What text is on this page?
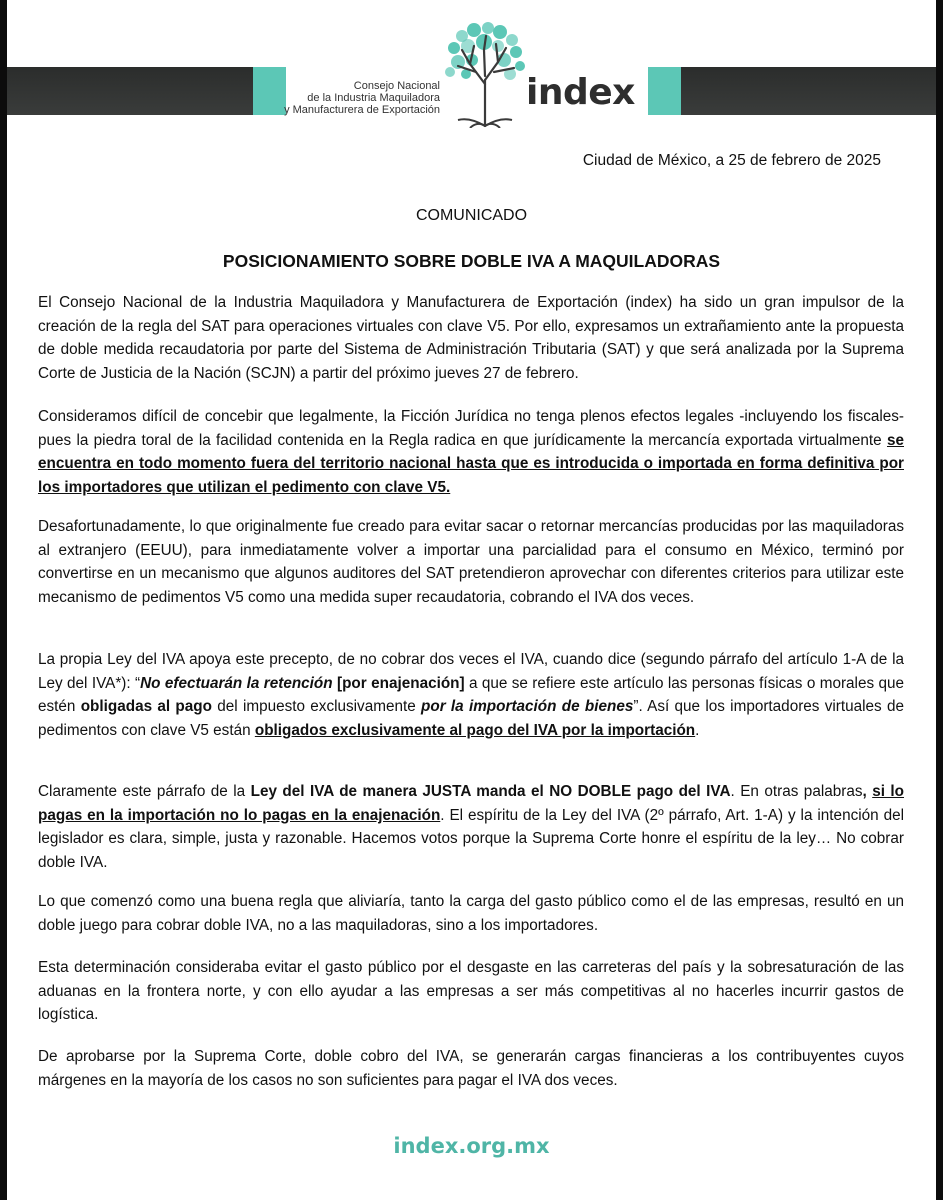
Consejo Nacional
de la Industria Maquiladora
y Manufacturera de Exportación index
Ciudad de México, a 25 de febrero de 2025
COMUNICADO
POSICIONAMIENTO SOBRE DOBLE IVA A MAQUILADORAS

El Consejo Nacional de la Industria Maquiladora y Manufacturera de Exportación (index) ha sido un gran impulsor de la creación de la regla del SAT para operaciones virtuales con clave V5. Por ello, expresamos un extrañamiento ante la propuesta de doble medida recaudatoria por parte del Sistema de Administración Tributaria (SAT) y que será analizada por la Suprema Corte de Justicia de la Nación (SCJN) a partir del próximo jueves 27 de febrero.

Consideramos difícil de concebir que legalmente, la Ficción Jurídica no tenga plenos efectos legales -incluyendo los fiscales- pues la piedra toral de la facilidad contenida en la Regla radica en que jurídicamente la mercancía exportada virtualmente se encuentra en todo momento fuera del territorio nacional hasta que es introducida o importada en forma definitiva por los importadores que utilizan el pedimento con clave V5.

Desafortunadamente, lo que originalmente fue creado para evitar sacar o retornar mercancías producidas por las maquiladoras al extranjero (EEUU), para inmediatamente volver a importar una parcialidad para el consumo en México, terminó por convertirse en un mecanismo que algunos auditores del SAT pretendieron aprovechar con diferentes criterios para utilizar este mecanismo de pedimentos V5 como una medida super recaudatoria, cobrando el IVA dos veces.

La propia Ley del IVA apoya este precepto, de no cobrar dos veces el IVA, cuando dice (segundo párrafo del artículo 1-A de la Ley del IVA*): “No efectuarán la retención [por enajenación] a que se refiere este artículo las personas físicas o morales que estén obligadas al pago del impuesto exclusivamente por la importación de bienes”. Así que los importadores virtuales de pedimentos con clave V5 están obligados exclusivamente al pago del IVA por la importación.

Claramente este párrafo de la Ley del IVA de manera JUSTA manda el NO DOBLE pago del IVA. En otras palabras, si lo pagas en la importación no lo pagas en la enajenación. El espíritu de la Ley del IVA (2º párrafo, Art. 1-A) y la intención del legislador es clara, simple, justa y razonable. Hacemos votos porque la Suprema Corte honre el espíritu de la ley… No cobrar doble IVA.

Lo que comenzó como una buena regla que aliviaría, tanto la carga del gasto público como el de las empresas, resultó en un doble juego para cobrar doble IVA, no a las maquiladoras, sino a los importadores.

Esta determinación consideraba evitar el gasto público por el desgaste en las carreteras del país y la sobresaturación de las aduanas en la frontera norte, y con ello ayudar a las empresas a ser más competitivas al no hacerles incurrir gastos de logística.

De aprobarse por la Suprema Corte, doble cobro del IVA, se generarán cargas financieras a los contribuyentes cuyos márgenes en la mayoría de los casos no son suficientes para pagar el IVA dos veces.

index.org.mx
